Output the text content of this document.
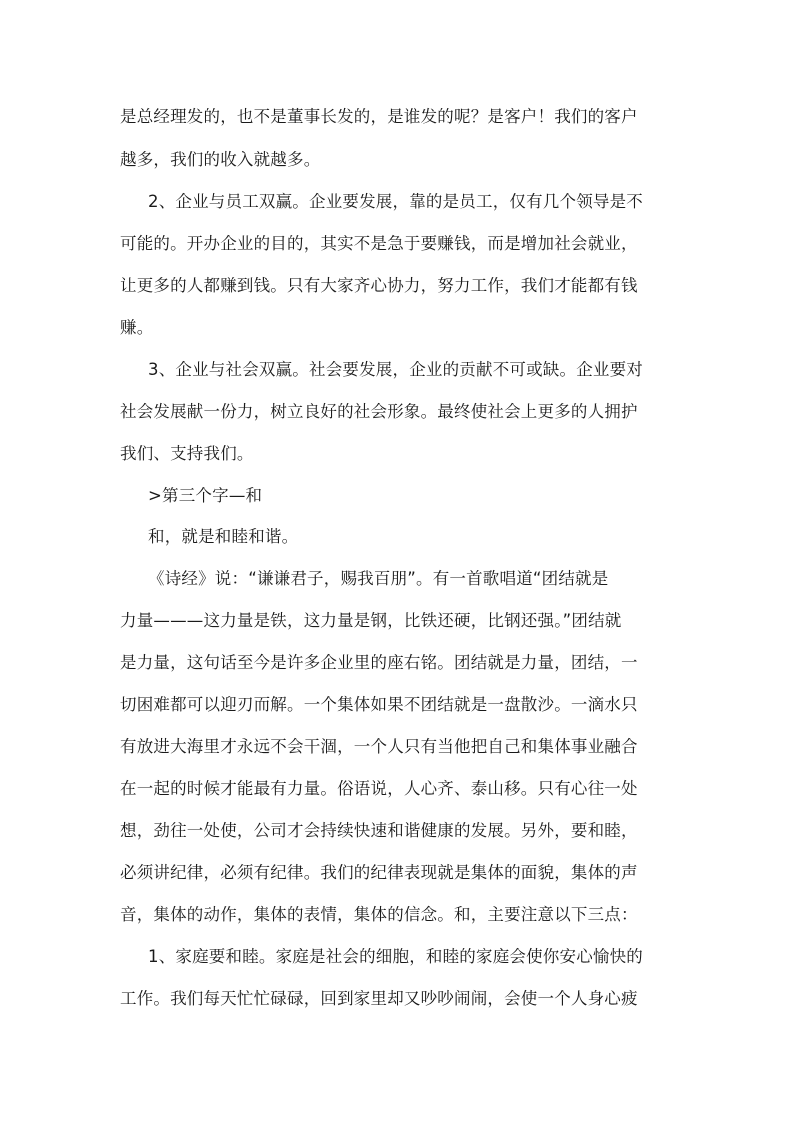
是总经理发的，也不是董事长发的，是谁发的呢？是客户！我们的客户
越多，我们的收入就越多。
2、企业与员工双赢。企业要发展，靠的是员工，仅有几个领导是不
可能的。开办企业的目的，其实不是急于要赚钱，而是增加社会就业，
让更多的人都赚到钱。只有大家齐心协力，努力工作，我们才能都有钱
赚。
3、企业与社会双赢。社会要发展，企业的贡献不可或缺。企业要对
社会发展献一份力，树立良好的社会形象。最终使社会上更多的人拥护
我们、支持我们。
>第三个字—和
和，就是和睦和谐。
《诗经》说：“谦谦君子，赐我百朋”。有一首歌唱道“团结就是
力量———这力量是铁，这力量是钢，比铁还硬，比钢还强。”团结就
是力量，这句话至今是许多企业里的座右铭。团结就是力量，团结，一
切困难都可以迎刃而解。一个集体如果不团结就是一盘散沙。一滴水只
有放进大海里才永远不会干涸，一个人只有当他把自己和集体事业融合
在一起的时候才能最有力量。俗语说，人心齐、泰山移。只有心往一处
想，劲往一处使，公司才会持续快速和谐健康的发展。另外，要和睦，
必须讲纪律，必须有纪律。我们的纪律表现就是集体的面貌，集体的声
音，集体的动作，集体的表情，集体的信念。和，主要注意以下三点：
1、家庭要和睦。家庭是社会的细胞，和睦的家庭会使你安心愉快的
工作。我们每天忙忙碌碌，回到家里却又吵吵闹闹，会使一个人身心疲
